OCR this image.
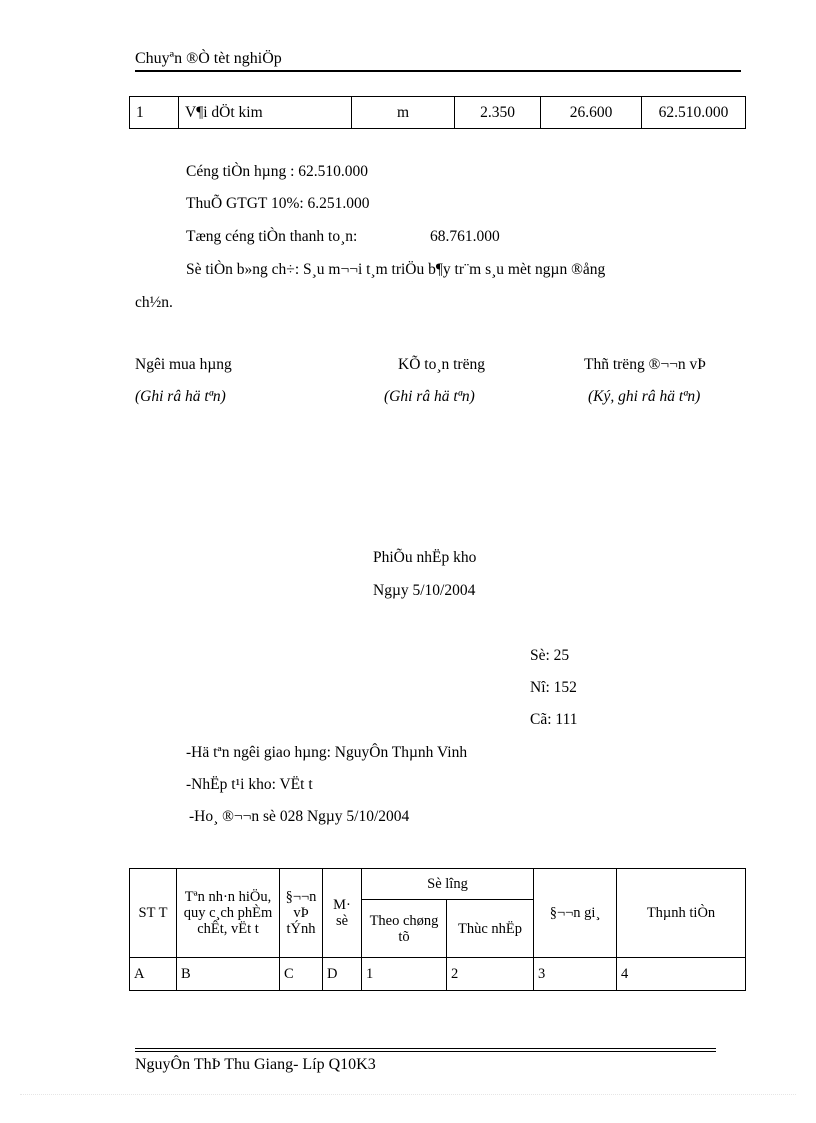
Chuyªn ®Ò tèt nghiÖp
1	V¶i dÖt kim	m	2.350	26.600	62.510.000
Céng tiÒn hµng : 62.510.000
ThuÕ GTGT 10%: 6.251.000
Tæng céng tiÒn thanh to¸n:	68.761.000
Sè tiÒn b»ng ch÷: S¸u m¬¬i t¸m triÖu b¶y tr¨m s¸u mèt ngµn ®ång
ch½n.
Ngêi mua hµng	KÕ to¸n trëng	Thñ trëng ®¬¬n vÞ
(Ghi râ hä tªn)	(Ghi râ hä tªn)	(Ký, ghi râ hä tªn)
PhiÕu nhËp kho
Ngµy 5/10/2004
Sè: 25
Nî: 152
Cã: 111
-Hä tªn ngêi giao hµng: NguyÔn Thµnh Vinh
-NhËp t¹i kho: VËt t
-Ho¸ ®¬¬n sè 028 Ngµy 5/10/2004
ST T	Tªn nh·n hiÖu, quy c¸ch phÈm chÊt, vËt t	§¬¬n vÞ tÝnh	M· sè	Sè lîng		§¬¬n gi¸	Thµnh tiÒn
				Theo chøng tõ	Thùc nhËp		
A	B	C	D	1	2	3	4
NguyÔn ThÞ Thu Giang- Líp Q10K3
